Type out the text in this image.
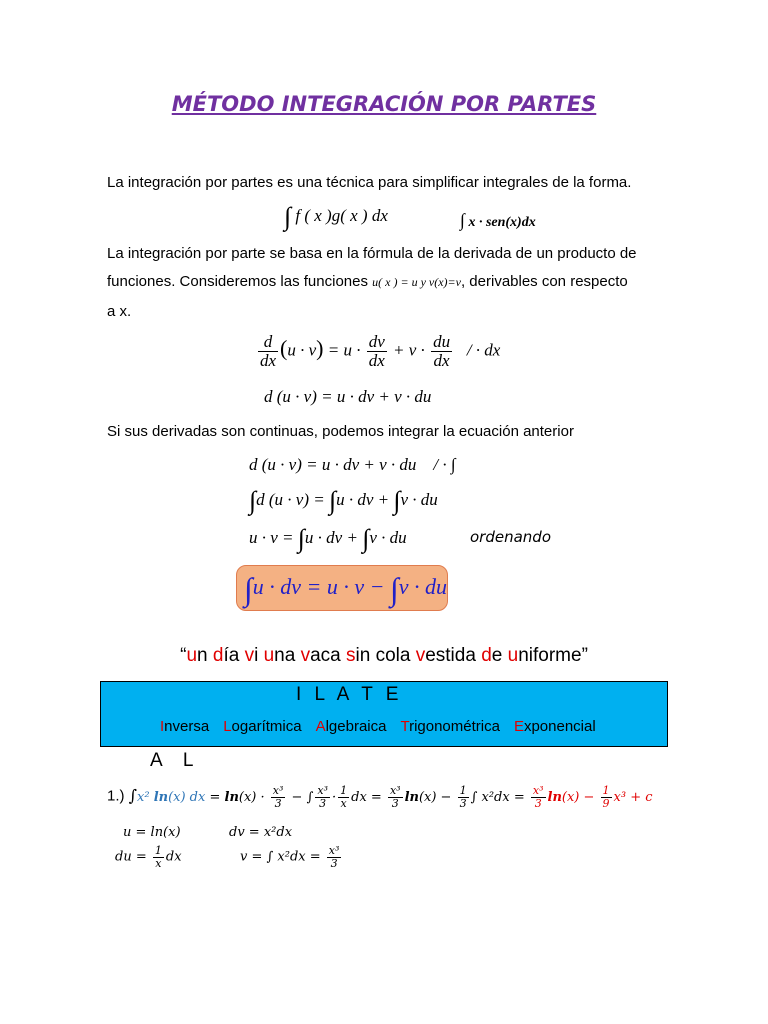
MÉTODO INTEGRACIÓN POR PARTES
La integración por partes es una técnica para simplificar integrales de la forma.
∫ f ( x )g( x ) dx	∫ x · sen(x)dx
La integración por parte se basa en la fórmula de la derivada de un producto de
funciones. Consideremos las funciones u( x ) = u y v(x)=v, derivables con respecto
a x.
$\frac{d}{dx} (u \cdot v) = u \cdot \frac{dv}{dx} + v \cdot \frac{du}{dx}$ / · dx
d (u · v) = u · dv + v · du
Si sus derivadas son continuas, podemos integrar la ecuación anterior
d (u · v) = u · dv + v · du / · ∫
∫d (u · v) = ∫u · dv + ∫v · du
u · v = ∫u · dv + ∫v · du	ordenando
∫u · dv = u · v − ∫v · du
“un día vi una vaca sin cola vestida de uniforme”
I L A T E
Inversa Logarítmica Algebraica Trigonométrica Exponencial
A L
1.) ∫x² ln(x) dx = $\ln(x) \cdot \frac{\text{x³}}{3}$ − ∫ $\frac{\text{x³}}{3} \cdot \frac{1}{x}$ dx = $\frac{\text{x³}}{3} \ln(x) - \frac{1}{3}$ ∫ $x^2dx = \frac{\text{x³}}{3} \ln(x) - \frac{1}{9} x^3 + c$
u = ln(x)	dv = x²dx
du = $\frac{1}{x}$ dx	v = ∫ $x^2dx = \frac{\text{x³}}{3}$
